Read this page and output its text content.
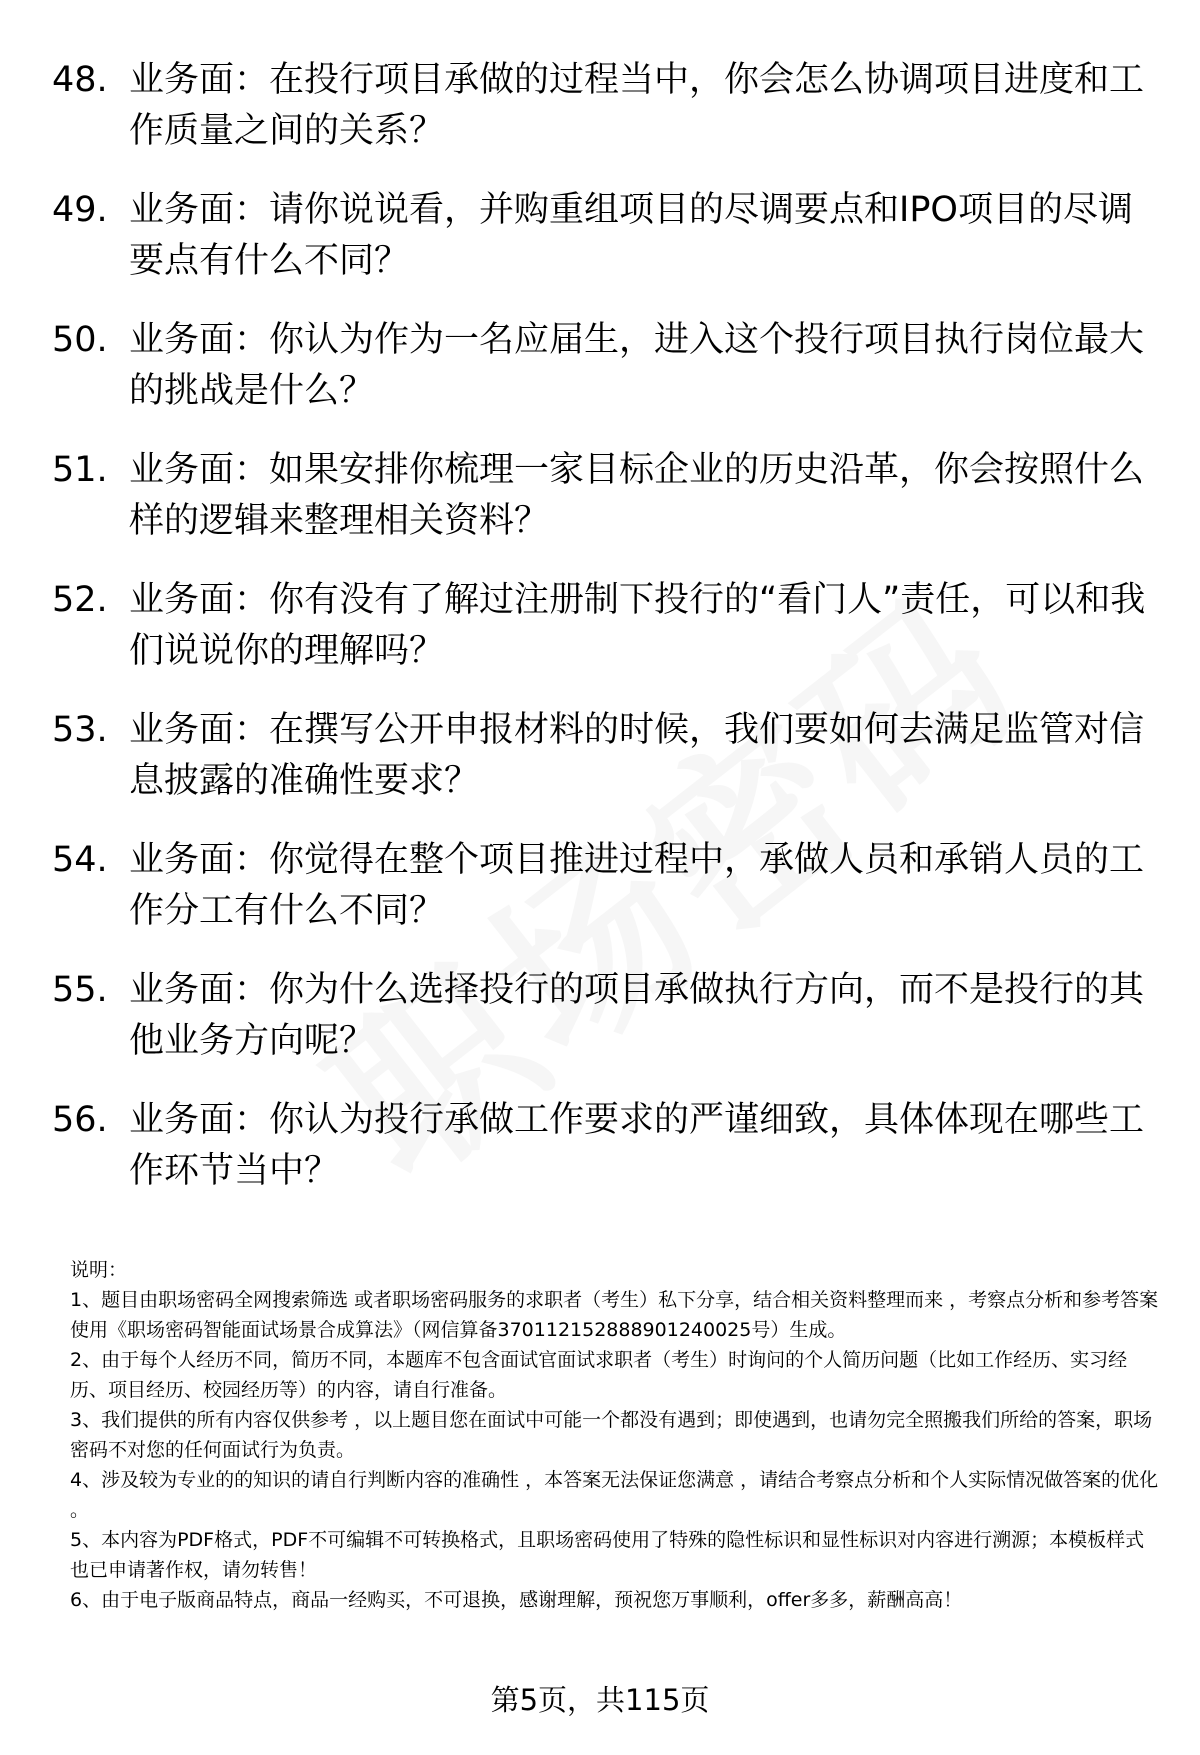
48. 业务面：在投行项目承做的过程当中，你会怎么协调项目进度和工作质量之间的关系？
49. 业务面：请你说说看，并购重组项目的尽调要点和IPO项目的尽调要点有什么不同？
50. 业务面：你认为作为一名应届生，进入这个投行项目执行岗位最大的挑战是什么？
51. 业务面：如果安排你梳理一家目标企业的历史沿革，你会按照什么样的逻辑来整理相关资料？
52. 业务面：你有没有了解过注册制下投行的“看门人”责任，可以和我们说说你的理解吗？
53. 业务面：在撰写公开申报材料的时候，我们要如何去满足监管对信息披露的准确性要求？
54. 业务面：你觉得在整个项目推进过程中，承做人员和承销人员的工作分工有什么不同？
55. 业务面：你为什么选择投行的项目承做执行方向，而不是投行的其他业务方向呢？
56. 业务面：你认为投行承做工作要求的严谨细致，具体体现在哪些工作环节当中？

说明：

1、题目由职场密码全网搜索筛选 或者职场密码服务的求职者（考生）私下分享，结合相关资料整理而来 ，考察点分析和参考答案使用《职场密码智能面试场景合成算法》（网信算备370112152888901240025号）生成。

2、由于每个人经历不同，简历不同，本题库不包含面试官面试求职者（考生）时询问的个人简历问题（比如工作经历、实习经历、项目经历、校园经历等）的内容，请自行准备。

3、我们提供的所有内容仅供参考 ，以上题目您在面试中可能一个都没有遇到；即使遇到，也请勿完全照搬我们所给的答案，职场密码不对您的任何面试行为负责。

4、涉及较为专业的的知识的请自行判断内容的准确性 ，本答案无法保证您满意 ，请结合考察点分析和个人实际情况做答案的优化 。

5、本内容为PDF格式，PDF不可编辑不可转换格式，且职场密码使用了特殊的隐性标识和显性标识对内容进行溯源；本模板样式也已申请著作权，请勿转售！

6、由于电子版商品特点，商品一经购买，不可退换，感谢理解，预祝您万事顺利，offer多多，薪酬高高！

第5页，共115页
